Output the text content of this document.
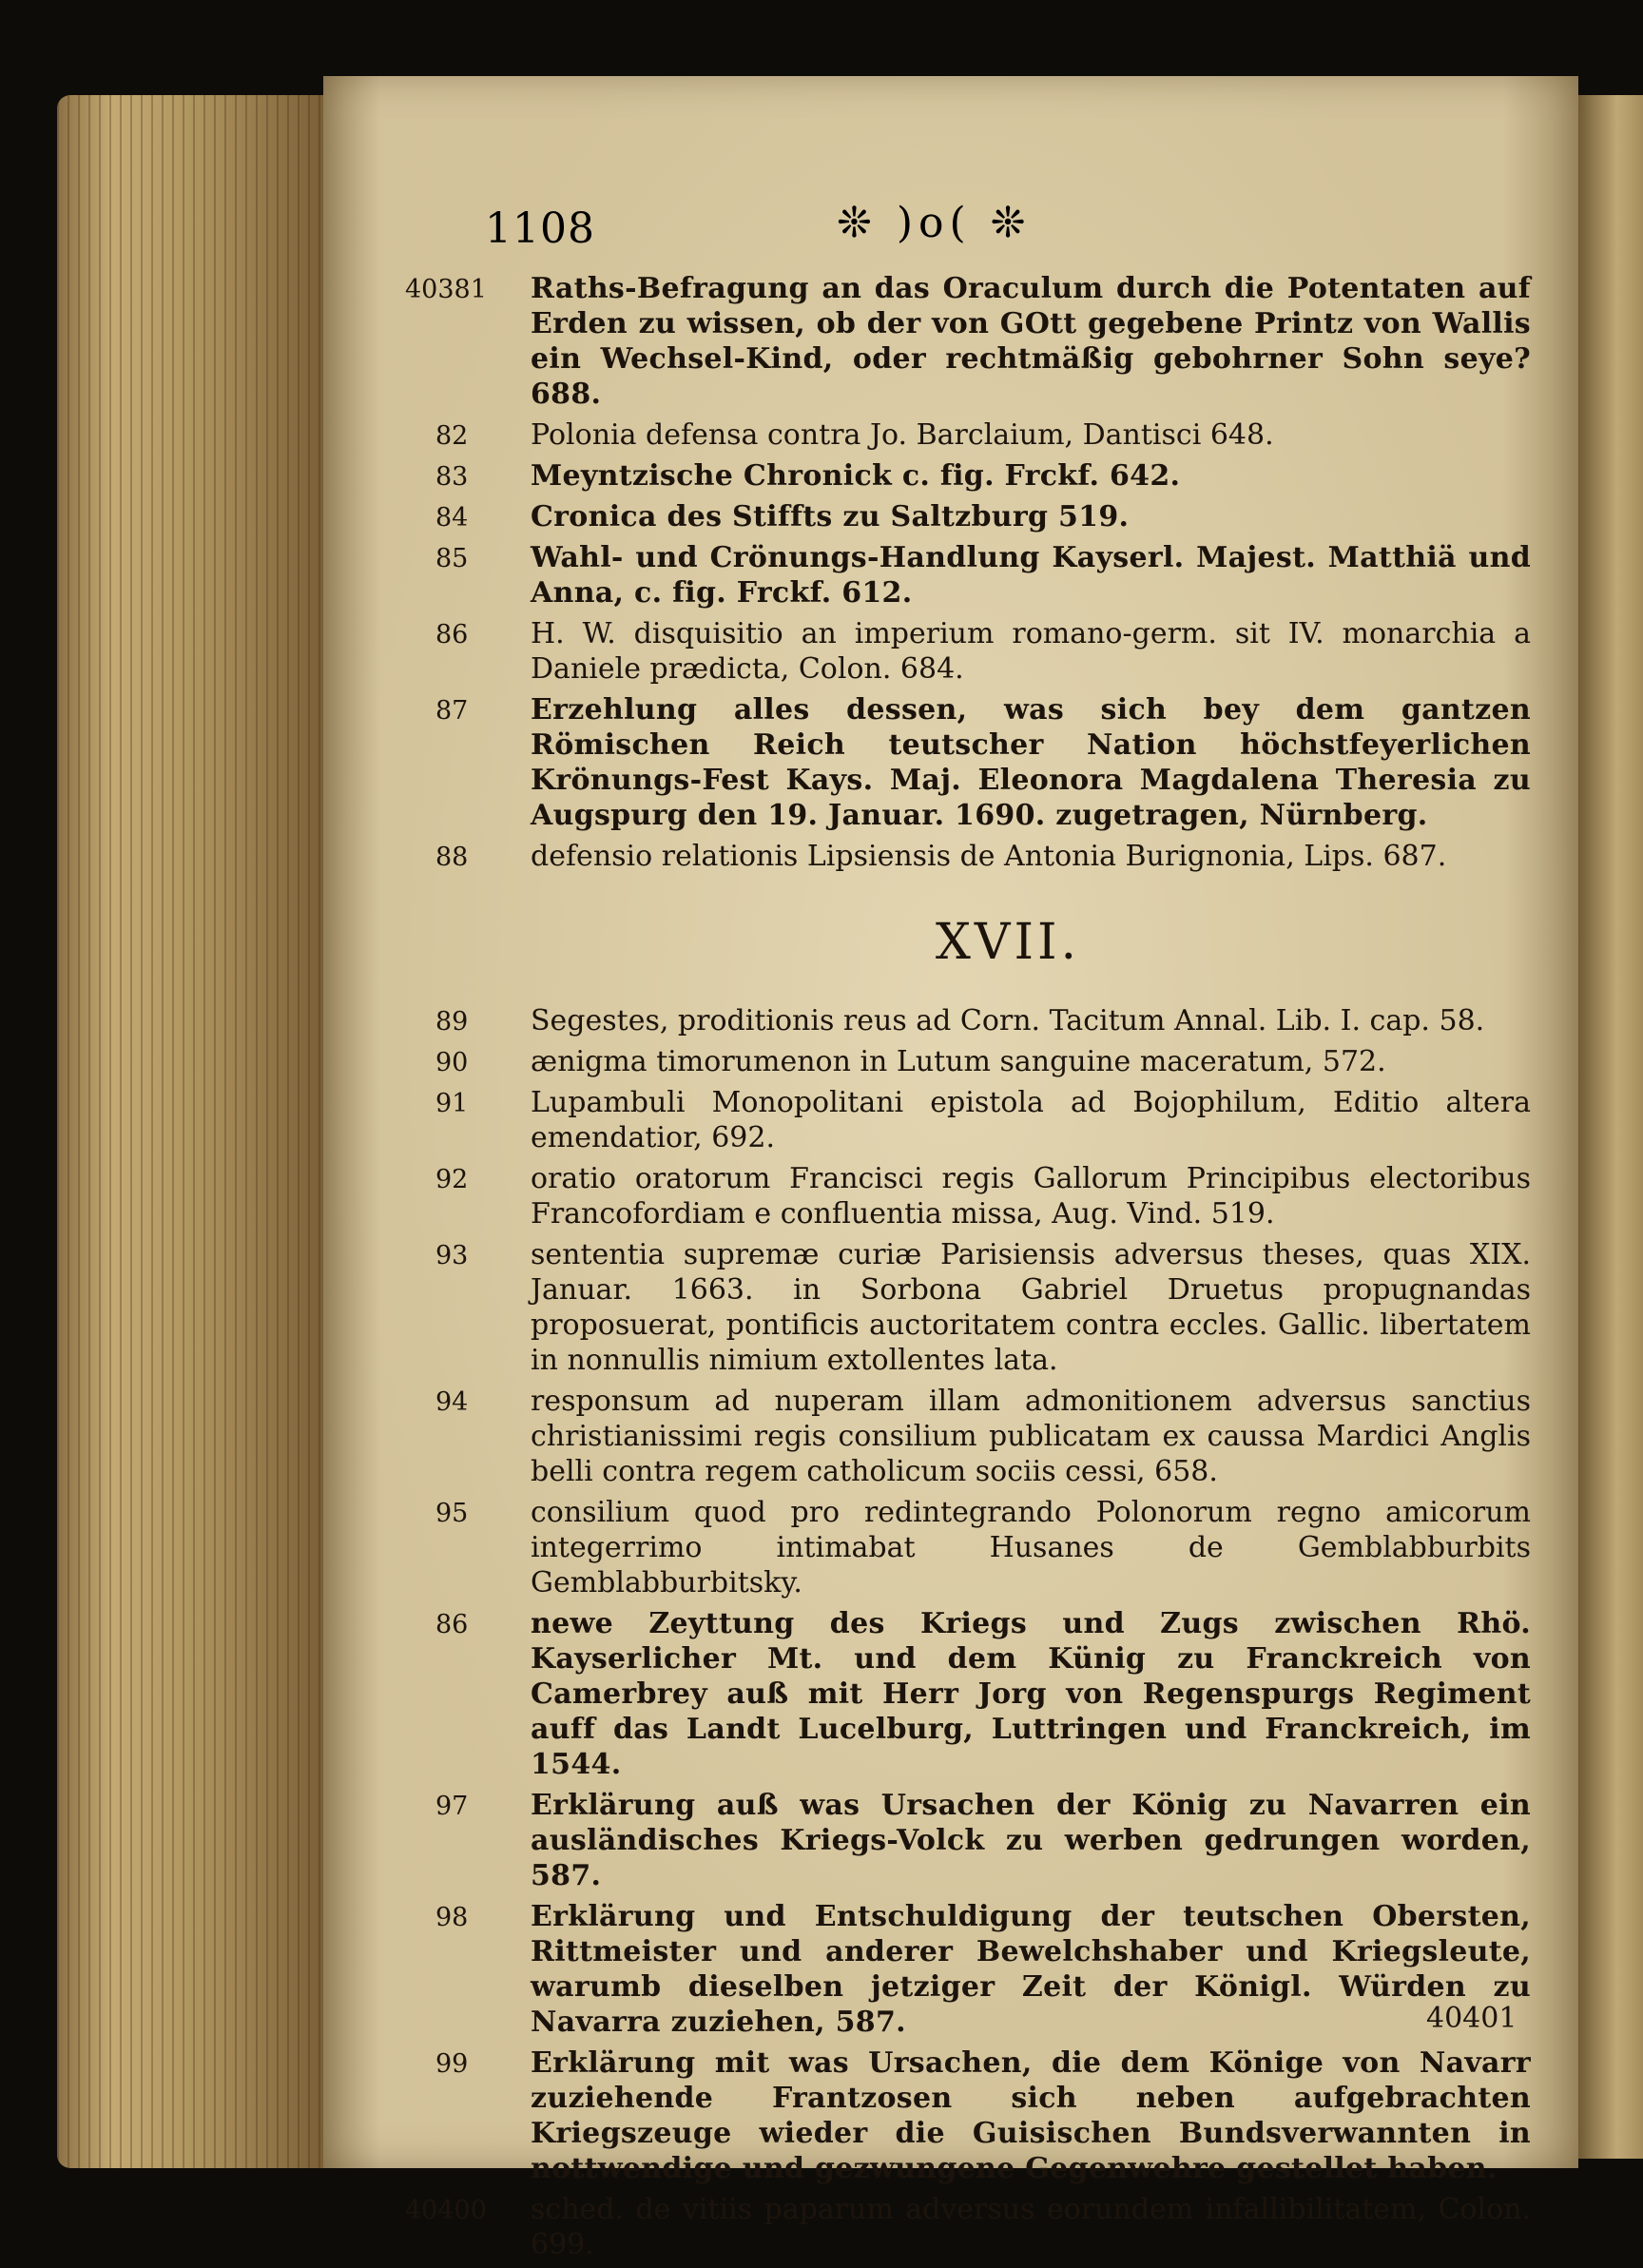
1108	❊ )o( ❊
40381	Raths-Befragung an das Oraculum durch die Potentaten auf Erden zu wissen, ob der von GOtt gegebene Printz von Wallis ein Wechsel-Kind, oder rechtmäßig gebohrner Sohn seye? 688.
82	Polonia defensa contra Jo. Barclaium, Dantisci 648.
83	Meyntzische Chronick c. fig. Frckf. 642.
84	Cronica des Stiffts zu Saltzburg 519.
85	Wahl- und Crönungs-Handlung Kayserl. Majest. Matthiä und Anna, c. fig. Frckf. 612.
86	H. W. disquisitio an imperium romano-germ. sit IV. monarchia a Daniele prædicta, Colon. 684.
87	Erzehlung alles dessen, was sich bey dem gantzen Römischen Reich teutscher Nation höchstfeyerlichen Krönungs-Fest Kays. Maj. Eleonora Magdalena Theresia zu Augspurg den 19. Januar. 1690. zugetragen, Nürnberg.
88	defensio relationis Lipsiensis de Antonia Burignonia, Lips. 687.
XVII.
89	Segestes, proditionis reus ad Corn. Tacitum Annal. Lib. I. cap. 58.
90	ænigma timorumenon in Lutum sanguine maceratum, 572.
91	Lupambuli Monopolitani epistola ad Bojophilum, Editio altera emendatior, 692.
92	oratio oratorum Francisci regis Gallorum Principibus electoribus Francofordiam e confluentia missa, Aug. Vind. 519.
93	sententia supremæ curiæ Parisiensis adversus theses, quas XIX. Januar. 1663. in Sorbona Gabriel Druetus propugnandas proposuerat, pontificis auctoritatem contra eccles. Gallic. libertatem in nonnullis nimium extollentes lata.
94	responsum ad nuperam illam admonitionem adversus sanctius christianissimi regis consilium publicatam ex caussa Mardici Anglis belli contra regem catholicum sociis cessi, 658.
95	consilium quod pro redintegrando Polonorum regno amicorum integerrimo intimabat Husanes de Gemblabburbits Gemblabburbitsky.
86	newe Zeyttung des Kriegs und Zugs zwischen Rhö. Kayserlicher Mt. und dem Künig zu Franckreich von Camerbrey auß mit Herr Jorg von Regenspurgs Regiment auff das Landt Lucelburg, Luttringen und Franckreich, im 1544.
97	Erklärung auß was Ursachen der König zu Navarren ein ausländisches Kriegs-Volck zu werben gedrungen worden, 587.
98	Erklärung und Entschuldigung der teutschen Obersten, Rittmeister und anderer Bewelchshaber und Kriegsleute, warumb dieselben jetziger Zeit der Königl. Würden zu Navarra zuziehen, 587.
99	Erklärung mit was Ursachen, die dem Könige von Navarr zuziehende Frantzosen sich neben aufgebrachten Kriegszeuge wieder die Guisischen Bundsverwannten in nottwendige und gezwungene Gegenwehre gestellet haben.
40400	sched. de vitiis paparum adversus eorundem infallibilitatem, Colon. 699.
40401
